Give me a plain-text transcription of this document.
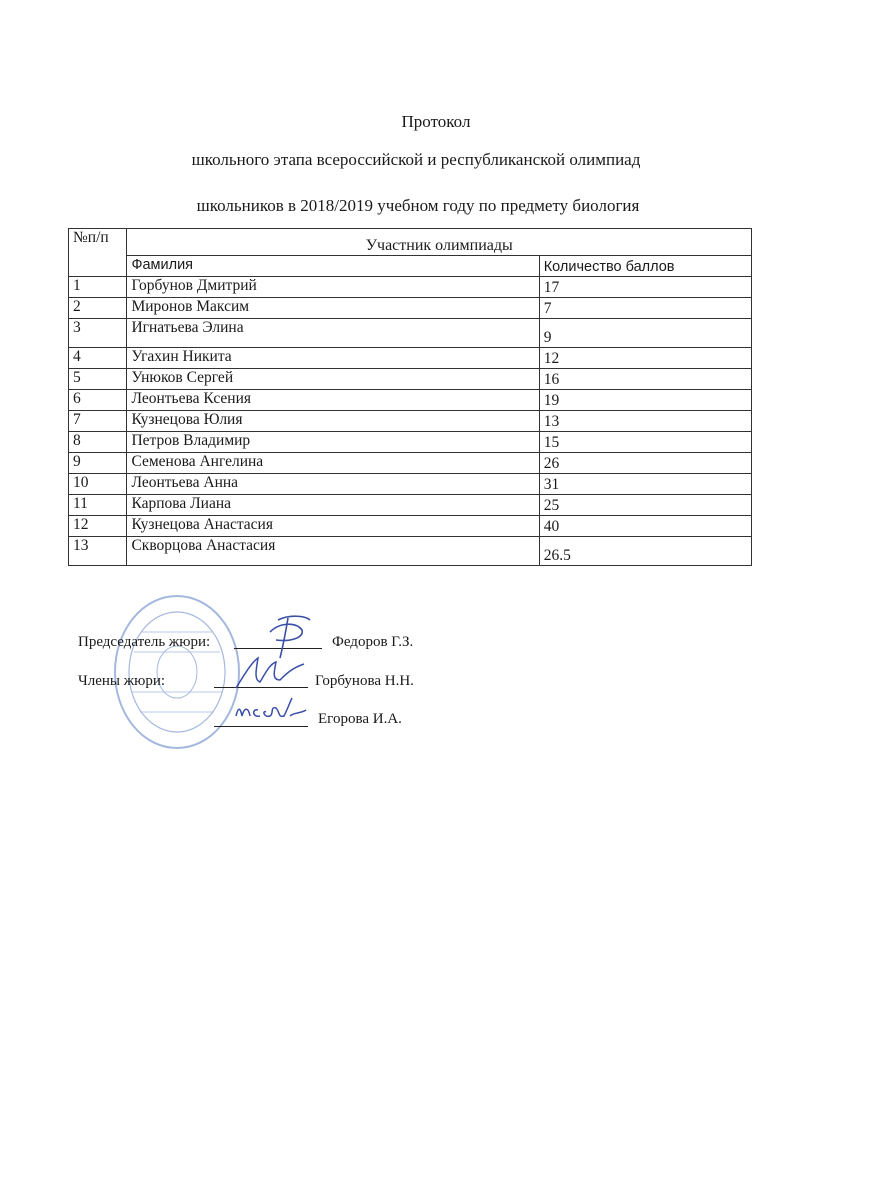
Протокол
школьного этапа всероссийской и республиканской олимпиад
школьников в 2018/2019 учебном году по предмету биология
№п/п	Участник олимпиады	
	Фамилия	Количество баллов
1	Горбунов Дмитрий	17
2	Миронов Максим	7
3	Игнатьева Элина	9
4	Угахин Никита	12
5	Унюков Сергей	16
6	Леонтьева Ксения	19
7	Кузнецова Юлия	13
8	Петров Владимир	15
9	Семенова Ангелина	26
10	Леонтьева Анна	31
11	Карпова Лиана	25
12	Кузнецова Анастасия	40
13	Скворцова Анастасия	26.5
Председатель жюри:	Федоров Г.З.
Члены жюри:	Горбунова Н.Н.
Егорова И.А.
